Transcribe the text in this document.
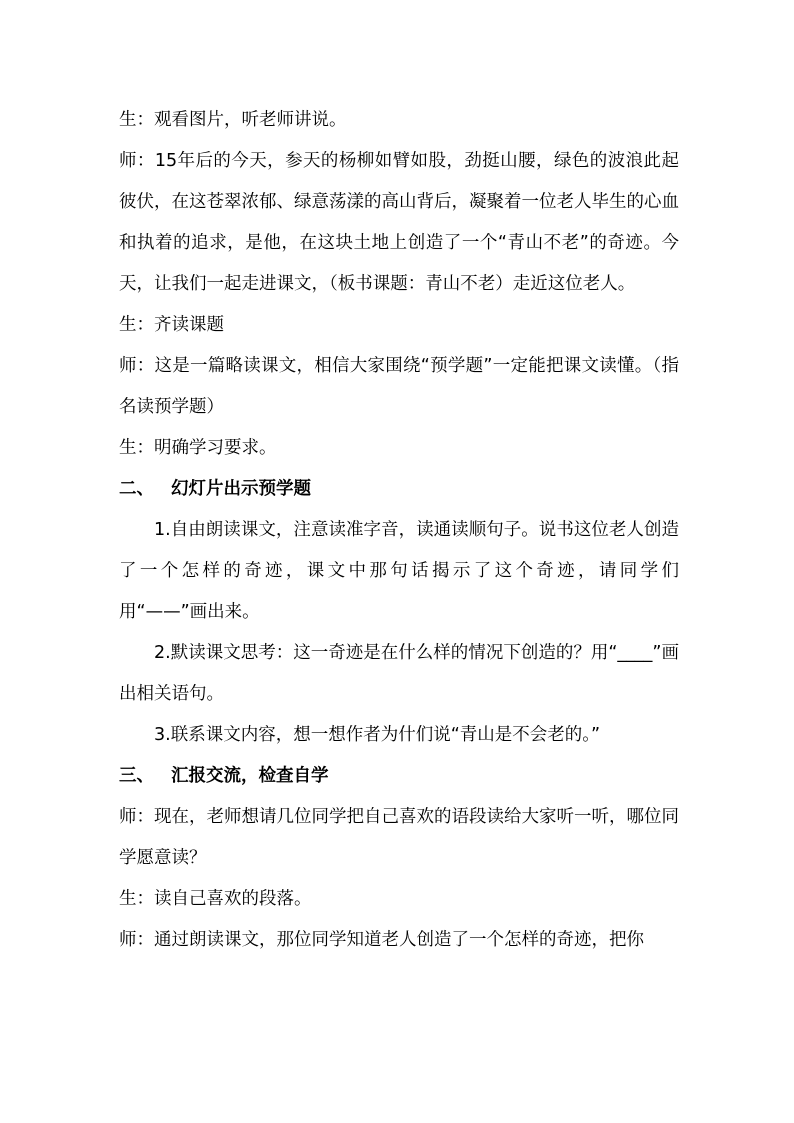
生：观看图片，听老师讲说。

师：15年后的今天，参天的杨柳如臂如股，劲挺山腰，绿色的波浪此起彼伏，在这苍翠浓郁、绿意荡漾的高山背后，凝聚着一位老人毕生的心血和执着的追求，是他，在这块土地上创造了一个“青山不老”的奇迹。今天，让我们一起走进课文，（板书课题：青山不老）走近这位老人。

生：齐读课题

师：这是一篇略读课文，相信大家围绕“预学题”一定能把课文读懂。（指名读预学题）

生：明确学习要求。

二、 幻灯片出示预学题

1.自由朗读课文，注意读准字音，读通读顺句子。说书这位老人创造了一个怎样的奇迹，课文中那句话揭示了这个奇迹，请同学们用“——”画出来。

2.默读课文思考：这一奇迹是在什么样的情况下创造的？用“____”画出相关语句。

3.联系课文内容，想一想作者为什们说“青山是不会老的。”

三、 汇报交流，检查自学

师：现在，老师想请几位同学把自己喜欢的语段读给大家听一听，哪位同学愿意读？

生：读自己喜欢的段落。

师：通过朗读课文，那位同学知道老人创造了一个怎样的奇迹，把你
